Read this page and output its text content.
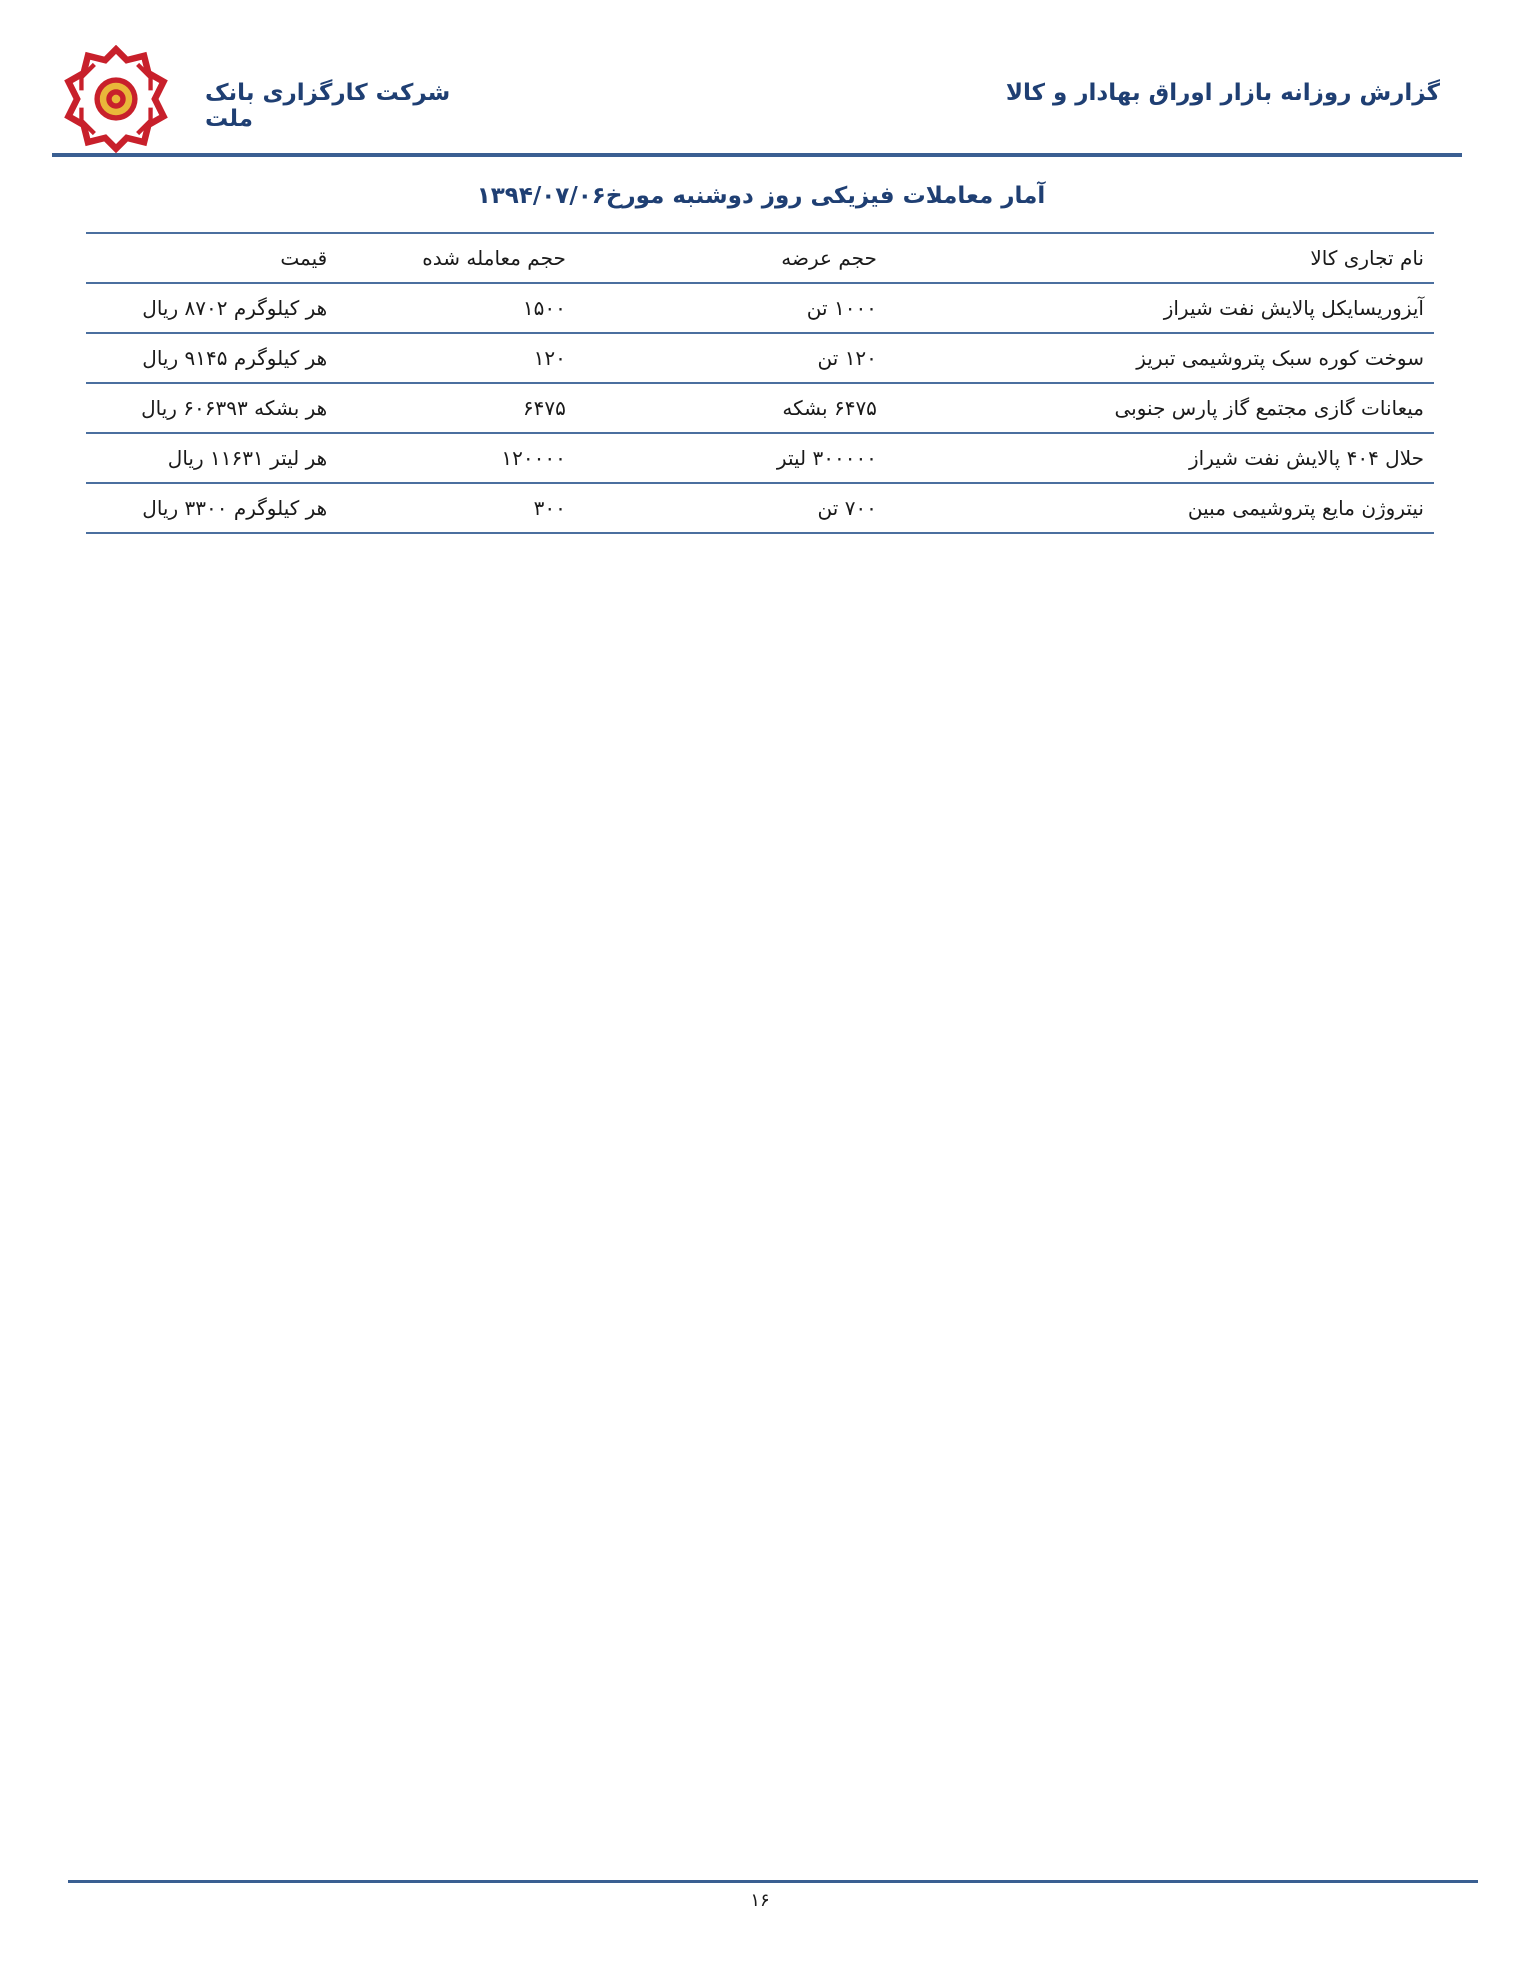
گزارش روزانه بازار اوراق بهادار و کالا
شرکت کارگزاری بانک ملت
آمار معاملات فیزیکی روز دوشنبه مورخ۱۳۹۴/۰۷/۰۶
نام تجاری کالا	حجم عرضه	حجم معامله شده	قیمت
آیزوریسایکل پالایش نفت شیراز	۱۰۰۰ تن	۱۵۰۰	هر کیلوگرم ۸۷۰۲ ریال
سوخت کوره سبک پتروشیمی تبریز	۱۲۰ تن	۱۲۰	هر کیلوگرم ۹۱۴۵ ریال
میعانات گازی مجتمع گاز پارس جنوبی	۶۴۷۵ بشکه	۶۴۷۵	هر بشکه ۶۰۶۳۹۳ ریال
حلال ۴۰۴ پالایش نفت شیراز	۳۰۰۰۰۰ لیتر	۱۲۰۰۰۰	هر لیتر ۱۱۶۳۱ ریال
نیتروژن مایع پتروشیمی مبین	۷۰۰ تن	۳۰۰	هر کیلوگرم ۳۳۰۰ ریال
۱۶
